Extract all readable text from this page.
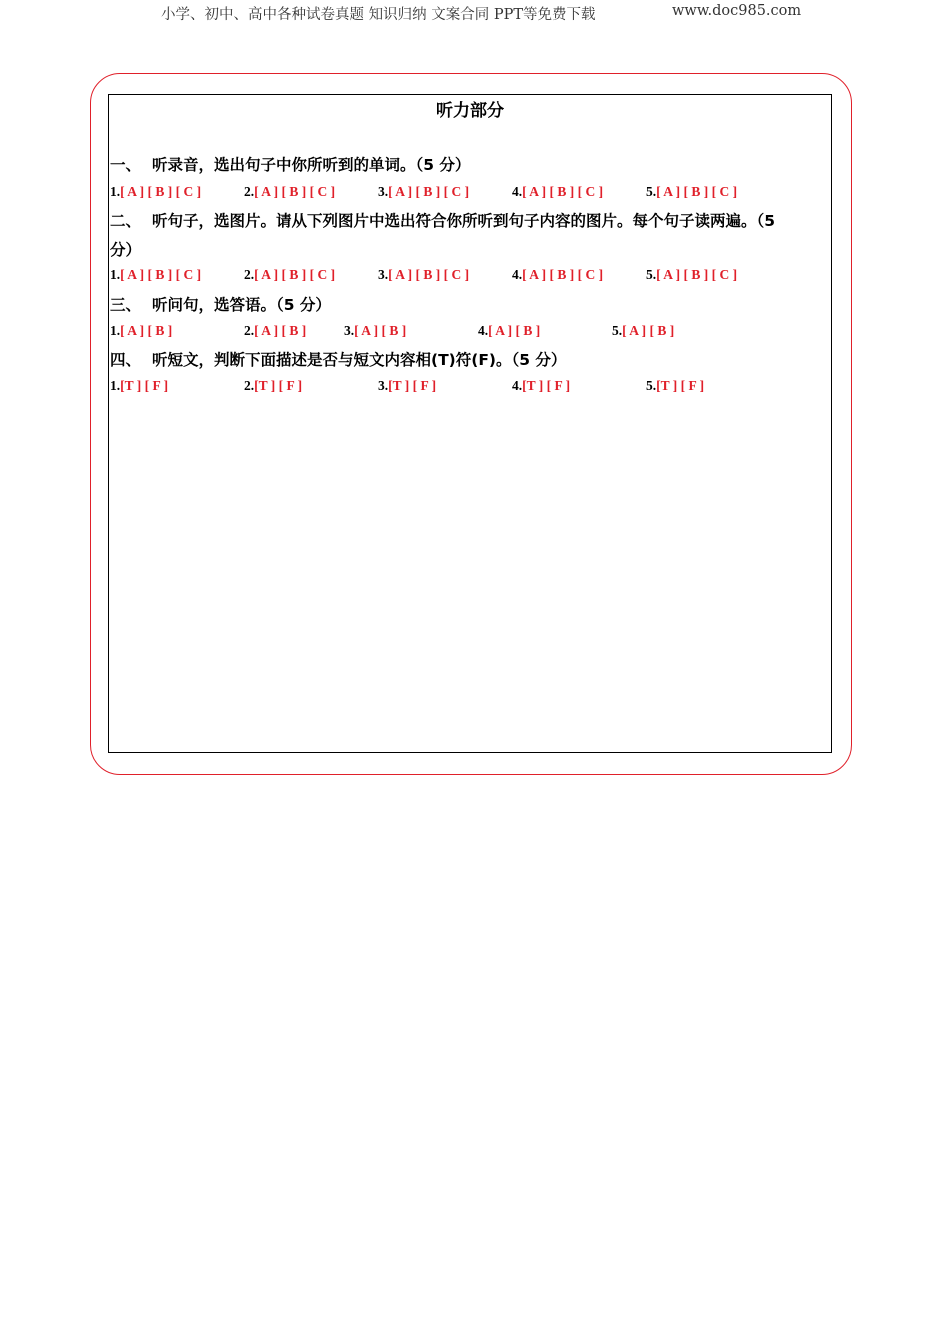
小学、初中、高中各种试卷真题 知识归纳 文案合同 PPT等免费下载	www.doc985.com
听力部分
一、 听录音，选出句子中你所听到的单词。（5 分）
1.[ A ] [ B ] [ C ]	2.[ A ] [ B ] [ C ]	3.[ A ] [ B ] [ C ]	4.[ A ] [ B ] [ C ]	5.[ A ] [ B ] [ C ]
二、 听句子，选图片。请从下列图片中选出符合你所听到句子内容的图片。每个句子读两遍。（5
分）
1.[ A ] [ B ] [ C ]	2.[ A ] [ B ] [ C ]	3.[ A ] [ B ] [ C ]	4.[ A ] [ B ] [ C ]	5.[ A ] [ B ] [ C ]
三、 听问句，选答语。（5 分）
1.[ A ] [ B ]	2.[ A ] [ B ]	3.[ A ] [ B ]	4.[ A ] [ B ]	5.[ A ] [ B ]
四、 听短文，判断下面描述是否与短文内容相(T)符(F)。（5 分）
1.[T ] [ F ]	2.[T ] [ F ]	3.[T ] [ F ]	4.[T ] [ F ]	5.[T ] [ F ]
